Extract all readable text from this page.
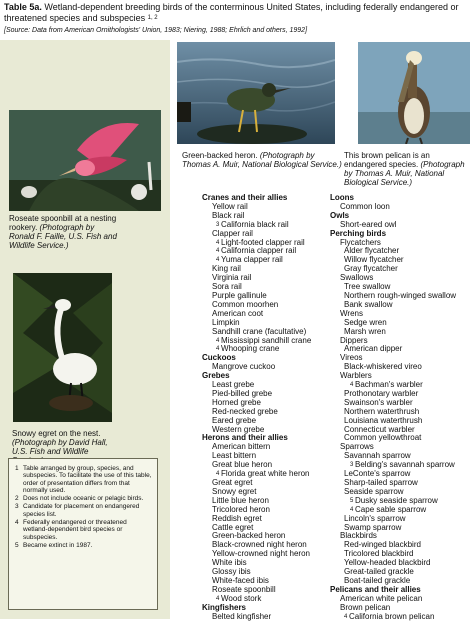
Table 5a. Wetland-dependent breeding birds of the conterminous United States, including federally endangered or threatened species and subspecies $^{1, 2}$
[Source: Data from American Ornithologists' Union, 1983; Niering, 1988; Ehrlich and others, 1992]
Green-backed heron. (Photograph by Thomas A. Muir, National Biological Service.)
This brown pelican is an endangered species. (Photograph by Thomas A. Muir, National Biological Service.)
Roseate spoonbill at a nesting rookery. (Photograph by Ronald F. Faille, U.S. Fish and Wildlife Service.)
Snowy egret on the nest. (Photograph by David Hall, U.S. Fish and Wildlife
Cranes and their allies
Yellow rail
Black rail
$^3$ California black rail
Clapper rail
$^4$ Light-footed clapper rail
$^4$ California clapper rail
$^4$ Yuma clapper rail
King rail
Virginia rail
Sora rail
Purple gallinule
Common moorhen
American coot
Limpkin
Sandhill crane (facultative)
$^4$ Mississippi sandhill crane
$^4$ Whooping crane
Cuckoos
Mangrove cuckoo
Grebes
Least grebe
Pied-billed grebe
Horned grebe
Red-necked grebe
Eared grebe
Western grebe
Herons and their allies
American bittern
Least bittern
Great blue heron
$^4$ Florida great white heron
Great egret
Snowy egret
Little blue heron
Tricolored heron
Reddish egret
Cattle egret
Green-backed heron
Black-crowned night heron
Yellow-crowned night heron
White ibis
Glossy ibis
White-faced ibis
Roseate spoonbill
$^4$ Wood stork
Kingfishers
Belted kingfisher
Loons
Common loon
Owls
Short-eared owl
Perching birds
Flycatchers
Alder flycatcher
Willow flycatcher
Gray flycatcher
Swallows
Tree swallow
Northern rough-winged swallow
Bank swallow
Wrens
Sedge wren
Marsh wren
Dippers
American dipper
Vireos
Black-whiskered vireo
Warblers
$^4$ Bachman's warbler
Prothonotary warbler
Swainson's warbler
Northern waterthrush
Louisiana waterthrush
Connecticut warbler
Common yellowthroat
Sparrows
Savannah sparrow
$^3$ Belding's savannah sparrow
LeConte's sparrow
Sharp-tailed sparrow
Seaside sparrow
$^5$ Dusky seaside sparrow
$^4$ Cape sable sparrow
Lincoln's sparrow
Swamp sparrow
Blackbirds
Red-winged blackbird
Tricolored blackbird
Yellow-headed blackbird
Great-tailed grackle
Boat-tailed grackle
Pelicans and their allies
American white pelican
Brown pelican
$^4$ California brown pelican
1 Table arranged by group, species, and subspecies. To facilitate the use of this table, order of presentation differs from that normally used.
2 Does not include oceanic or pelagic birds.
3 Candidate for placement on endangered species list.
4 Federally endangered or threatened wetland-dependent bird species or subspecies.
5 Became extinct in 1987.
